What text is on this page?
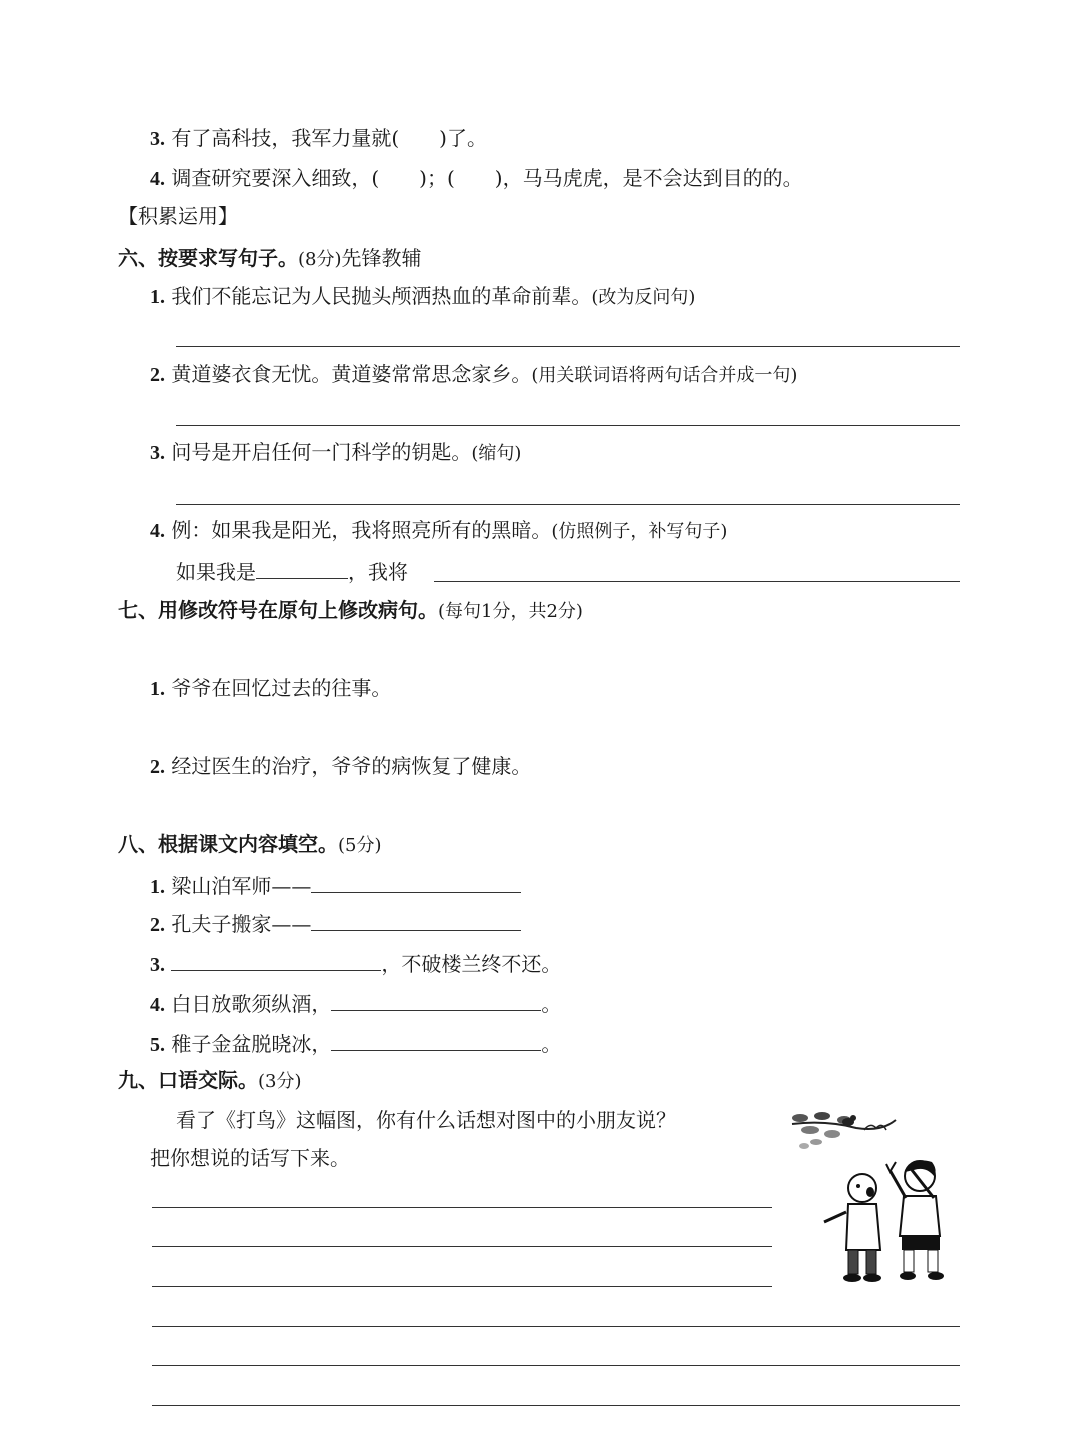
3. 有了高科技，我军力量就( )了。
4. 调查研究要深入细致，( )；( )，马马虎虎，是不会达到目的的。
【积累运用】
六、按要求写句子。(8分)先锋教辅
1. 我们不能忘记为人民抛头颅洒热血的革命前辈。(改为反问句)
2. 黄道婆衣食无忧。黄道婆常常思念家乡。(用关联词语将两句话合并成一句)
3. 问号是开启任何一门科学的钥匙。(缩句)
4. 例：如果我是阳光，我将照亮所有的黑暗。(仿照例子，补写句子)
如果我是	，我将
七、用修改符号在原句上修改病句。(每句1分，共2分)
1. 爷爷在回忆过去的往事。
2. 经过医生的治疗，爷爷的病恢复了健康。
八、根据课文内容填空。(5分)
1. 梁山泊军师——
2. 孔夫子搬家——
3.	，不破楼兰终不还。
4. 白日放歌须纵酒，	。
5. 稚子金盆脱晓冰，	。
九、口语交际。(3分)
看了《打鸟》这幅图，你有什么话想对图中的小朋友说？
把你想说的话写下来。
